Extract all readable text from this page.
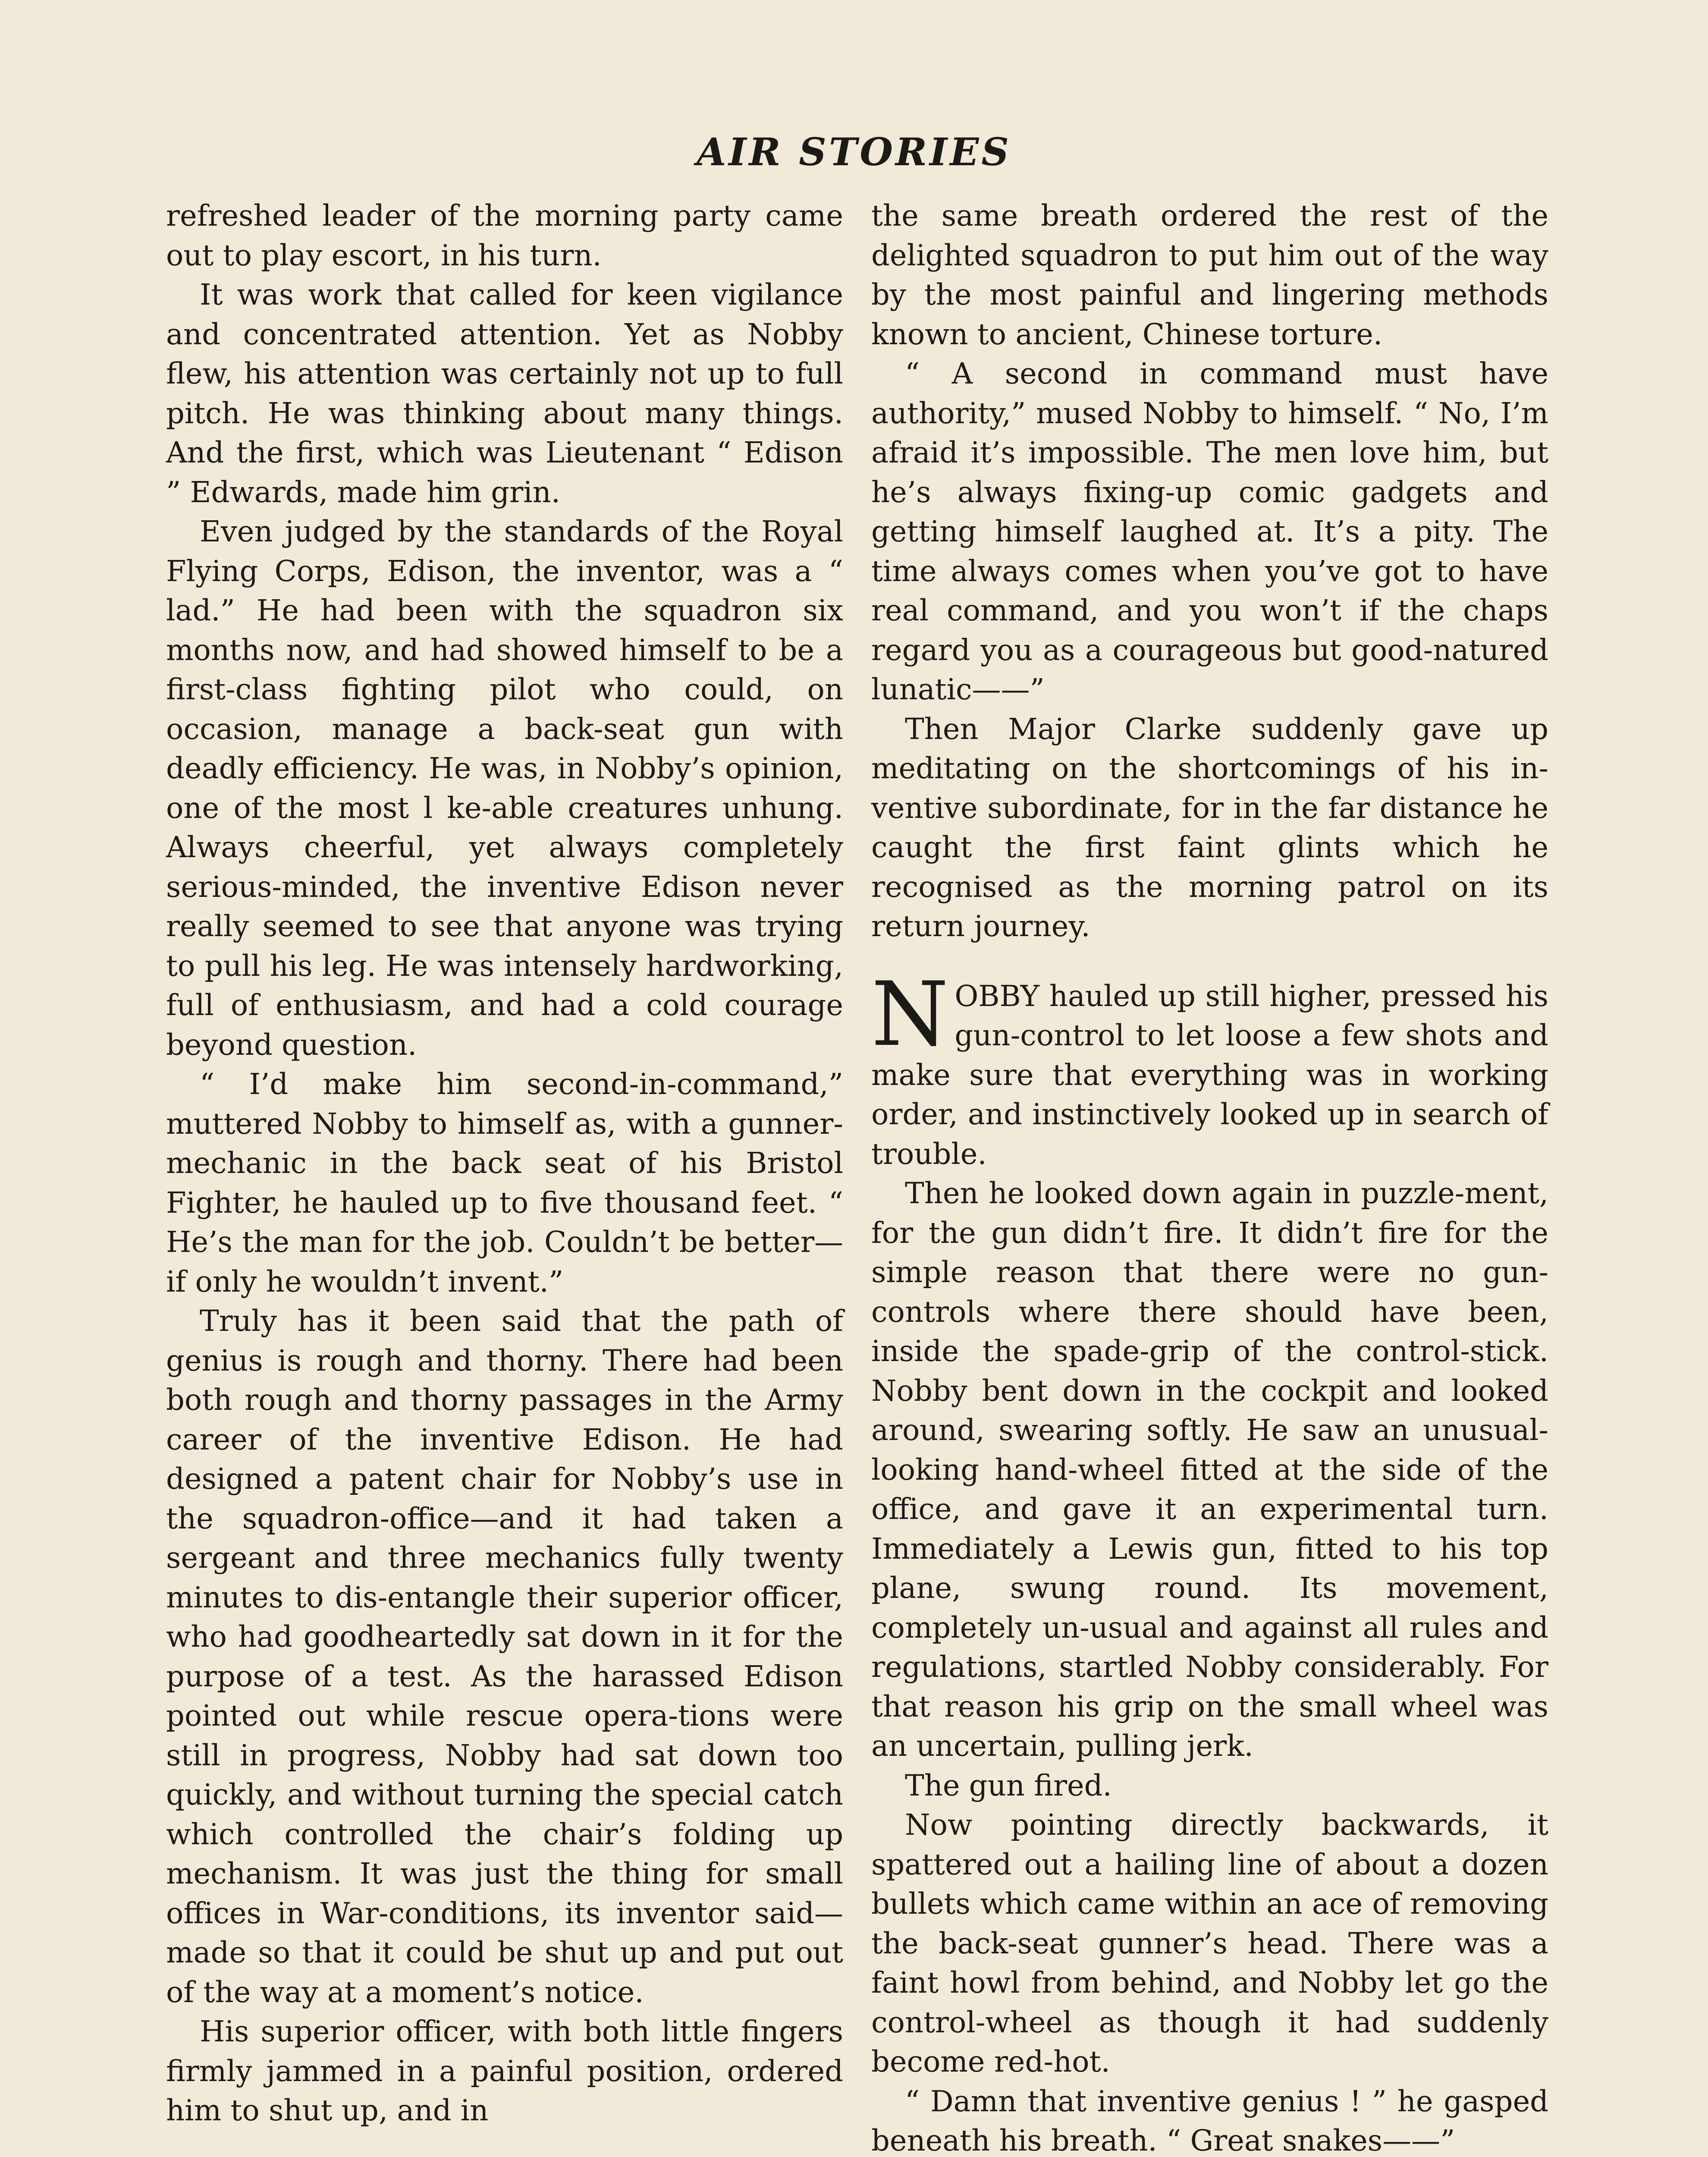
AIR STORIES

refreshed leader of the morning party came out to play escort, in his turn.

It was work that called for keen vigilance and concentrated attention. Yet as Nobby flew, his attention was certainly not up to full pitch. He was thinking about many things. And the first, which was Lieutenant “ Edison ” Edwards, made him grin.

Even judged by the standards of the Royal Flying Corps, Edison, the inventor, was a “ lad.” He had been with the squadron six months now, and had showed himself to be a first-class fighting pilot who could, on occasion, manage a back-seat gun with deadly efficiency. He was, in Nobby’s opinion, one of the most l ke-able creatures unhung. Always cheerful, yet always completely serious-minded, the inventive Edison never really seemed to see that anyone was trying to pull his leg. He was intensely hardworking, full of enthusiasm, and had a cold courage beyond question.

“ I’d make him second-in-command,” muttered Nobby to himself as, with a gunner-mechanic in the back seat of his Bristol Fighter, he hauled up to five thousand feet. “ He’s the man for the job. Couldn’t be better—if only he wouldn’t invent.”

Truly has it been said that the path of genius is rough and thorny. There had been both rough and thorny passages in the Army career of the inventive Edison. He had designed a patent chair for Nobby’s use in the squadron-office—and it had taken a sergeant and three mechanics fully twenty minutes to dis-entangle their superior officer, who had goodheartedly sat down in it for the purpose of a test. As the harassed Edison pointed out while rescue opera-tions were still in progress, Nobby had sat down too quickly, and without turning the special catch which controlled the chair’s folding up mechanism. It was just the thing for small offices in War-conditions, its inventor said—made so that it could be shut up and put out of the way at a moment’s notice.

His superior officer, with both little fingers firmly jammed in a painful position, ordered him to shut up, and in

the same breath ordered the rest of the delighted squadron to put him out of the way by the most painful and lingering methods known to ancient, Chinese torture.

“ A second in command must have authority,” mused Nobby to himself. “ No, I’m afraid it’s impossible. The men love him, but he’s always fixing-up comic gadgets and getting himself laughed at. It’s a pity. The time always comes when you’ve got to have real command, and you won’t if the chaps regard you as a courageous but good-natured lunatic——”

Then Major Clarke suddenly gave up meditating on the shortcomings of his in-ventive subordinate, for in the far distance he caught the first faint glints which he recognised as the morning patrol on its return journey.

N OBBY hauled up still higher, pressed his gun-control to let loose a few shots and make sure that everything was in working order, and instinctively looked up in search of trouble.

Then he looked down again in puzzle-ment, for the gun didn’t fire. It didn’t fire for the simple reason that there were no gun-controls where there should have been, inside the spade-grip of the control-stick. Nobby bent down in the cockpit and looked around, swearing softly. He saw an unusual-looking hand-wheel fitted at the side of the office, and gave it an experimental turn. Immediately a Lewis gun, fitted to his top plane, swung round. Its movement, completely un-usual and against all rules and regulations, startled Nobby considerably. For that reason his grip on the small wheel was an uncertain, pulling jerk.

The gun fired.

Now pointing directly backwards, it spattered out a hailing line of about a dozen bullets which came within an ace of removing the back-seat gunner’s head. There was a faint howl from behind, and Nobby let go the control-wheel as though it had suddenly become red-hot.

“ Damn that inventive genius ! ” he gasped beneath his breath. “ Great snakes——”
